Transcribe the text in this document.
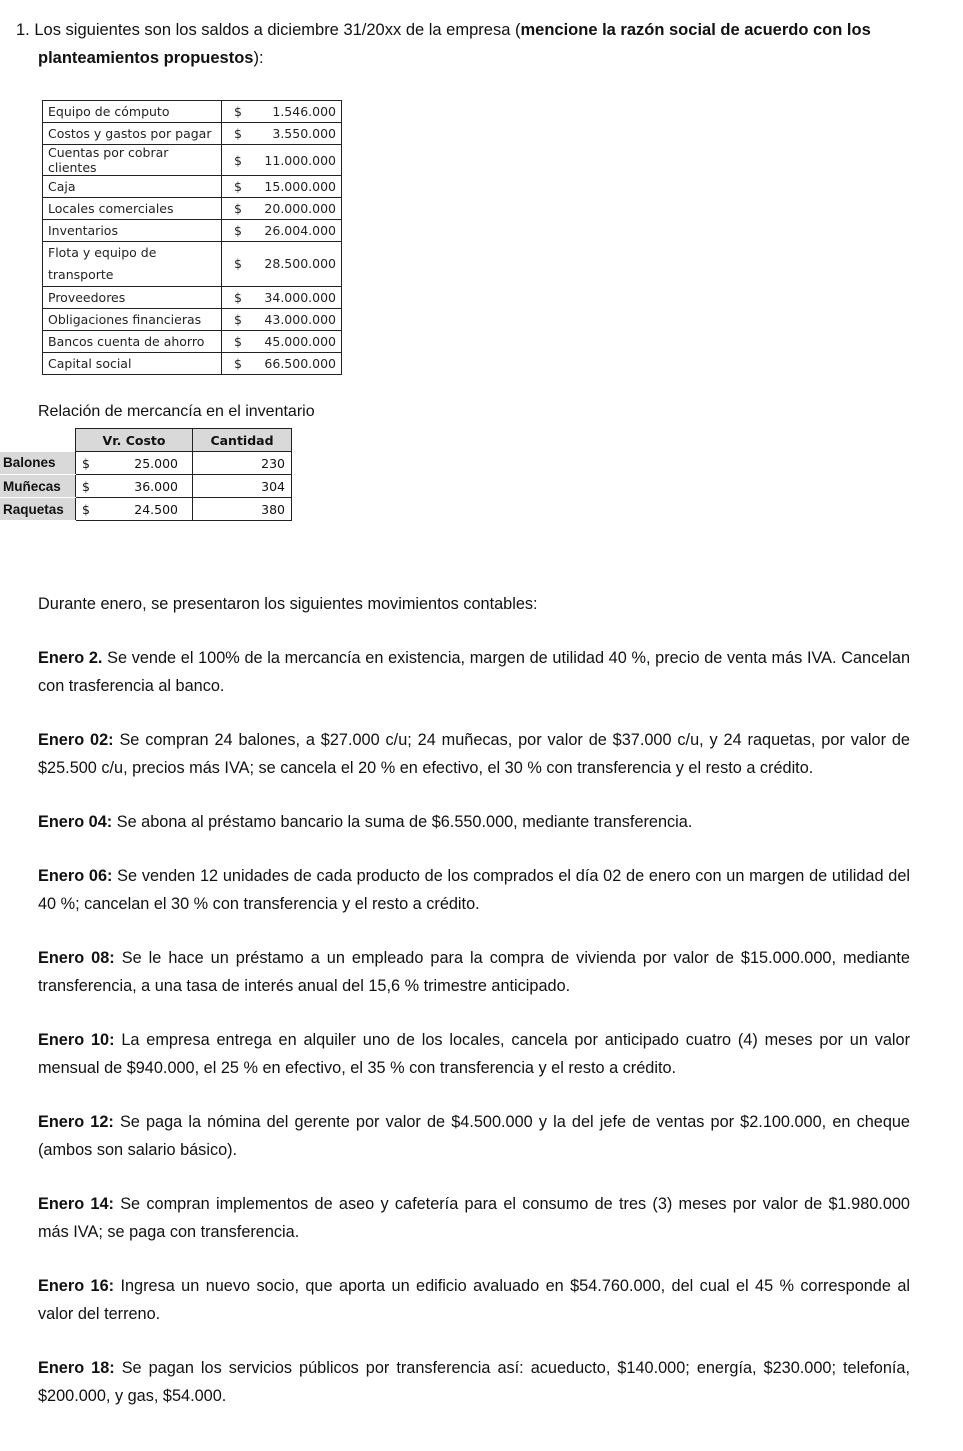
1. Los siguientes son los saldos a diciembre 31/20xx de la empresa (mencione la razón social de acuerdo con los
planteamientos propuestos):
Equipo de cómputo	$ 1.546.000

Costos y gastos por pagar	$ 3.550.000

Cuentas por cobrar clientes	$ 11.000.000

Caja	$ 15.000.000

Locales comerciales	$ 20.000.000

Inventarios	$ 26.004.000

Flota y equipo de transporte	$ 28.500.000

Proveedores	$ 34.000.000

Obligaciones financieras	$ 43.000.000

Bancos cuenta de ahorro	$ 45.000.000

Capital social	$ 66.500.000
Relación de mercancía en el inventario
	Vr. Costo	Cantidad
Balones	$ 25.000	230
Muñecas	$ 36.000	304
Raquetas	$ 24.500	380

Durante enero, se presentaron los siguientes movimientos contables:

Enero 2. Se vende el 100% de la mercancía en existencia, margen de utilidad 40 %, precio de venta más IVA. Cancelan con trasferencia al banco.

Enero 02: Se compran 24 balones, a $27.000 c/u; 24 muñecas, por valor de $37.000 c/u, y 24 raquetas, por valor de $25.500 c/u, precios más IVA; se cancela el 20 % en efectivo, el 30 % con transferencia y el resto a crédito.

Enero 04: Se abona al préstamo bancario la suma de $6.550.000, mediante transferencia.

Enero 06: Se venden 12 unidades de cada producto de los comprados el día 02 de enero con un margen de utilidad del 40 %; cancelan el 30 % con transferencia y el resto a crédito.

Enero 08: Se le hace un préstamo a un empleado para la compra de vivienda por valor de $15.000.000, mediante transferencia, a una tasa de interés anual del 15,6 % trimestre anticipado.

Enero 10: La empresa entrega en alquiler uno de los locales, cancela por anticipado cuatro (4) meses por un valor mensual de $940.000, el 25 % en efectivo, el 35 % con transferencia y el resto a crédito.

Enero 12: Se paga la nómina del gerente por valor de $4.500.000 y la del jefe de ventas por $2.100.000, en cheque (ambos son salario básico).

Enero 14: Se compran implementos de aseo y cafetería para el consumo de tres (3) meses por valor de $1.980.000 más IVA; se paga con transferencia.

Enero 16: Ingresa un nuevo socio, que aporta un edificio avaluado en $54.760.000, del cual el 45 % corresponde al valor del terreno.

Enero 18: Se pagan los servicios públicos por transferencia así: acueducto, $140.000; energía, $230.000; telefonía, $200.000, y gas, $54.000.
